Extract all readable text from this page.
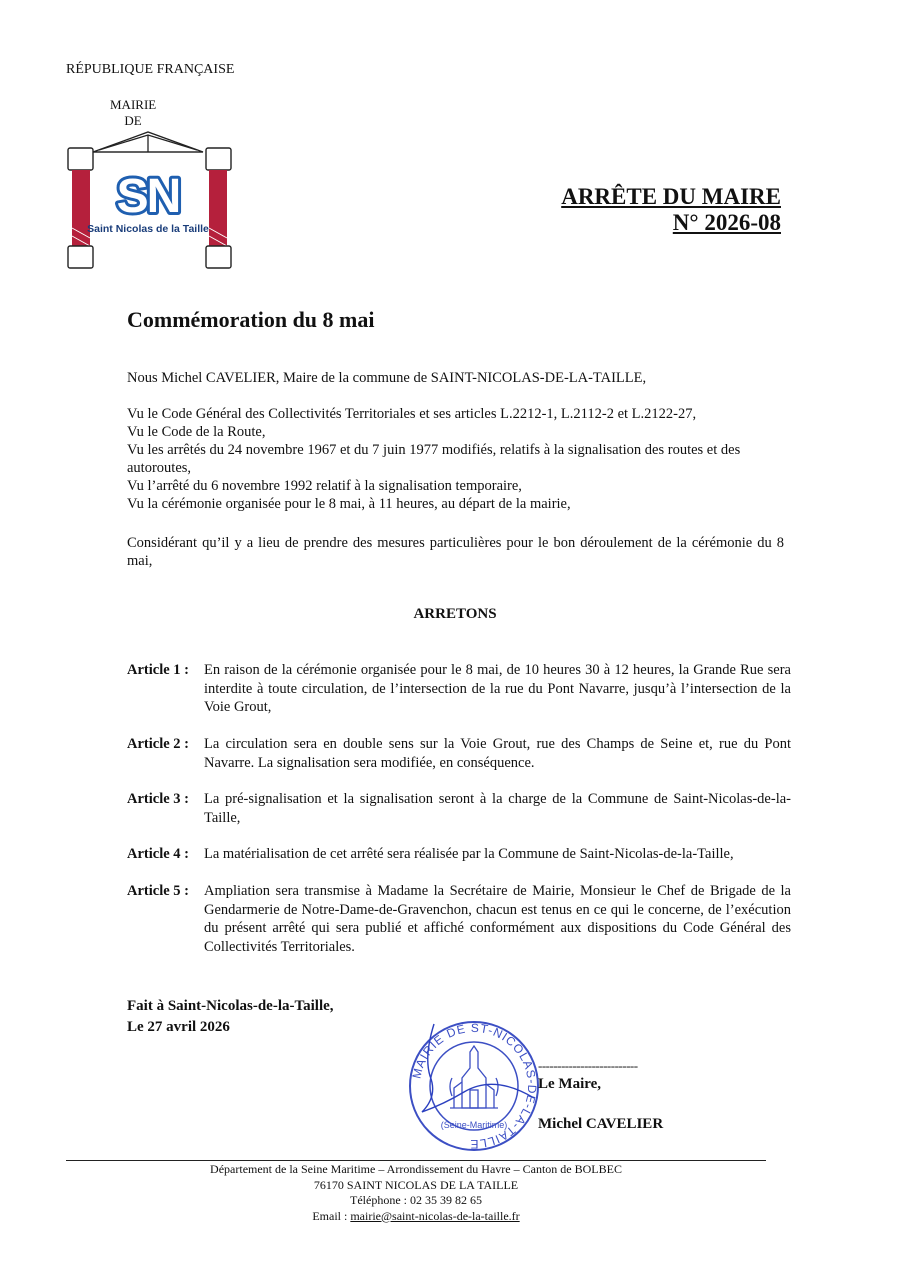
RÉPUBLIQUE FRANÇAISE
MAIRIE
DE
SN
Saint Nicolas de la Taille
ARRÊTE DU MAIRE
N° 2026-08
Commémoration du 8 mai
Nous Michel CAVELIER, Maire de la commune de SAINT-NICOLAS-DE-LA-TAILLE,
Vu le Code Général des Collectivités Territoriales et ses articles L.2212-1, L.2112-2 et L.2122-27,
Vu le Code de la Route,
Vu les arrêtés du 24 novembre 1967 et du 7 juin 1977 modifiés, relatifs à la signalisation des routes et des autoroutes,
Vu l’arrêté du 6 novembre 1992 relatif à la signalisation temporaire,
Vu la cérémonie organisée pour le 8 mai, à 11 heures, au départ de la mairie,
Considérant qu’il y a lieu de prendre des mesures particulières pour le bon déroulement de la cérémonie du 8 mai,
ARRETONS
Article 1 :	En raison de la cérémonie organisée pour le 8 mai, de 10 heures 30 à 12 heures, la Grande Rue sera interdite à toute circulation, de l’intersection de la rue du Pont Navarre, jusqu’à l’intersection de la Voie Grout,
Article 2 :	La circulation sera en double sens sur la Voie Grout, rue des Champs de Seine et, rue du Pont Navarre. La signalisation sera modifiée, en conséquence.
Article 3 :	La pré-signalisation et la signalisation seront à la charge de la Commune de Saint-Nicolas-de-la-Taille,
Article 4 :	La matérialisation de cet arrêté sera réalisée par la Commune de Saint-Nicolas-de-la-Taille,
Article 5 :	Ampliation sera transmise à Madame la Secrétaire de Mairie, Monsieur le Chef de Brigade de la Gendarmerie de Notre-Dame-de-Gravenchon, chacun est tenus en ce qui le concerne, de l’exécution du présent arrêté qui sera publié et affiché conformément aux dispositions du Code Général des Collectivités Territoriales.
Fait à Saint-Nicolas-de-la-Taille,
Le 27 avril 2026
MAIRIE DE ST-NICOLAS-DE-LA-TAILLE
(Seine-Maritime)
--------------------------
Le Maire,
Michel CAVELIER
Département de la Seine Maritime – Arrondissement du Havre – Canton de BOLBEC
76170 SAINT NICOLAS DE LA TAILLE
Téléphone : 02 35 39 82 65
Email : mairie@saint-nicolas-de-la-taille.fr
